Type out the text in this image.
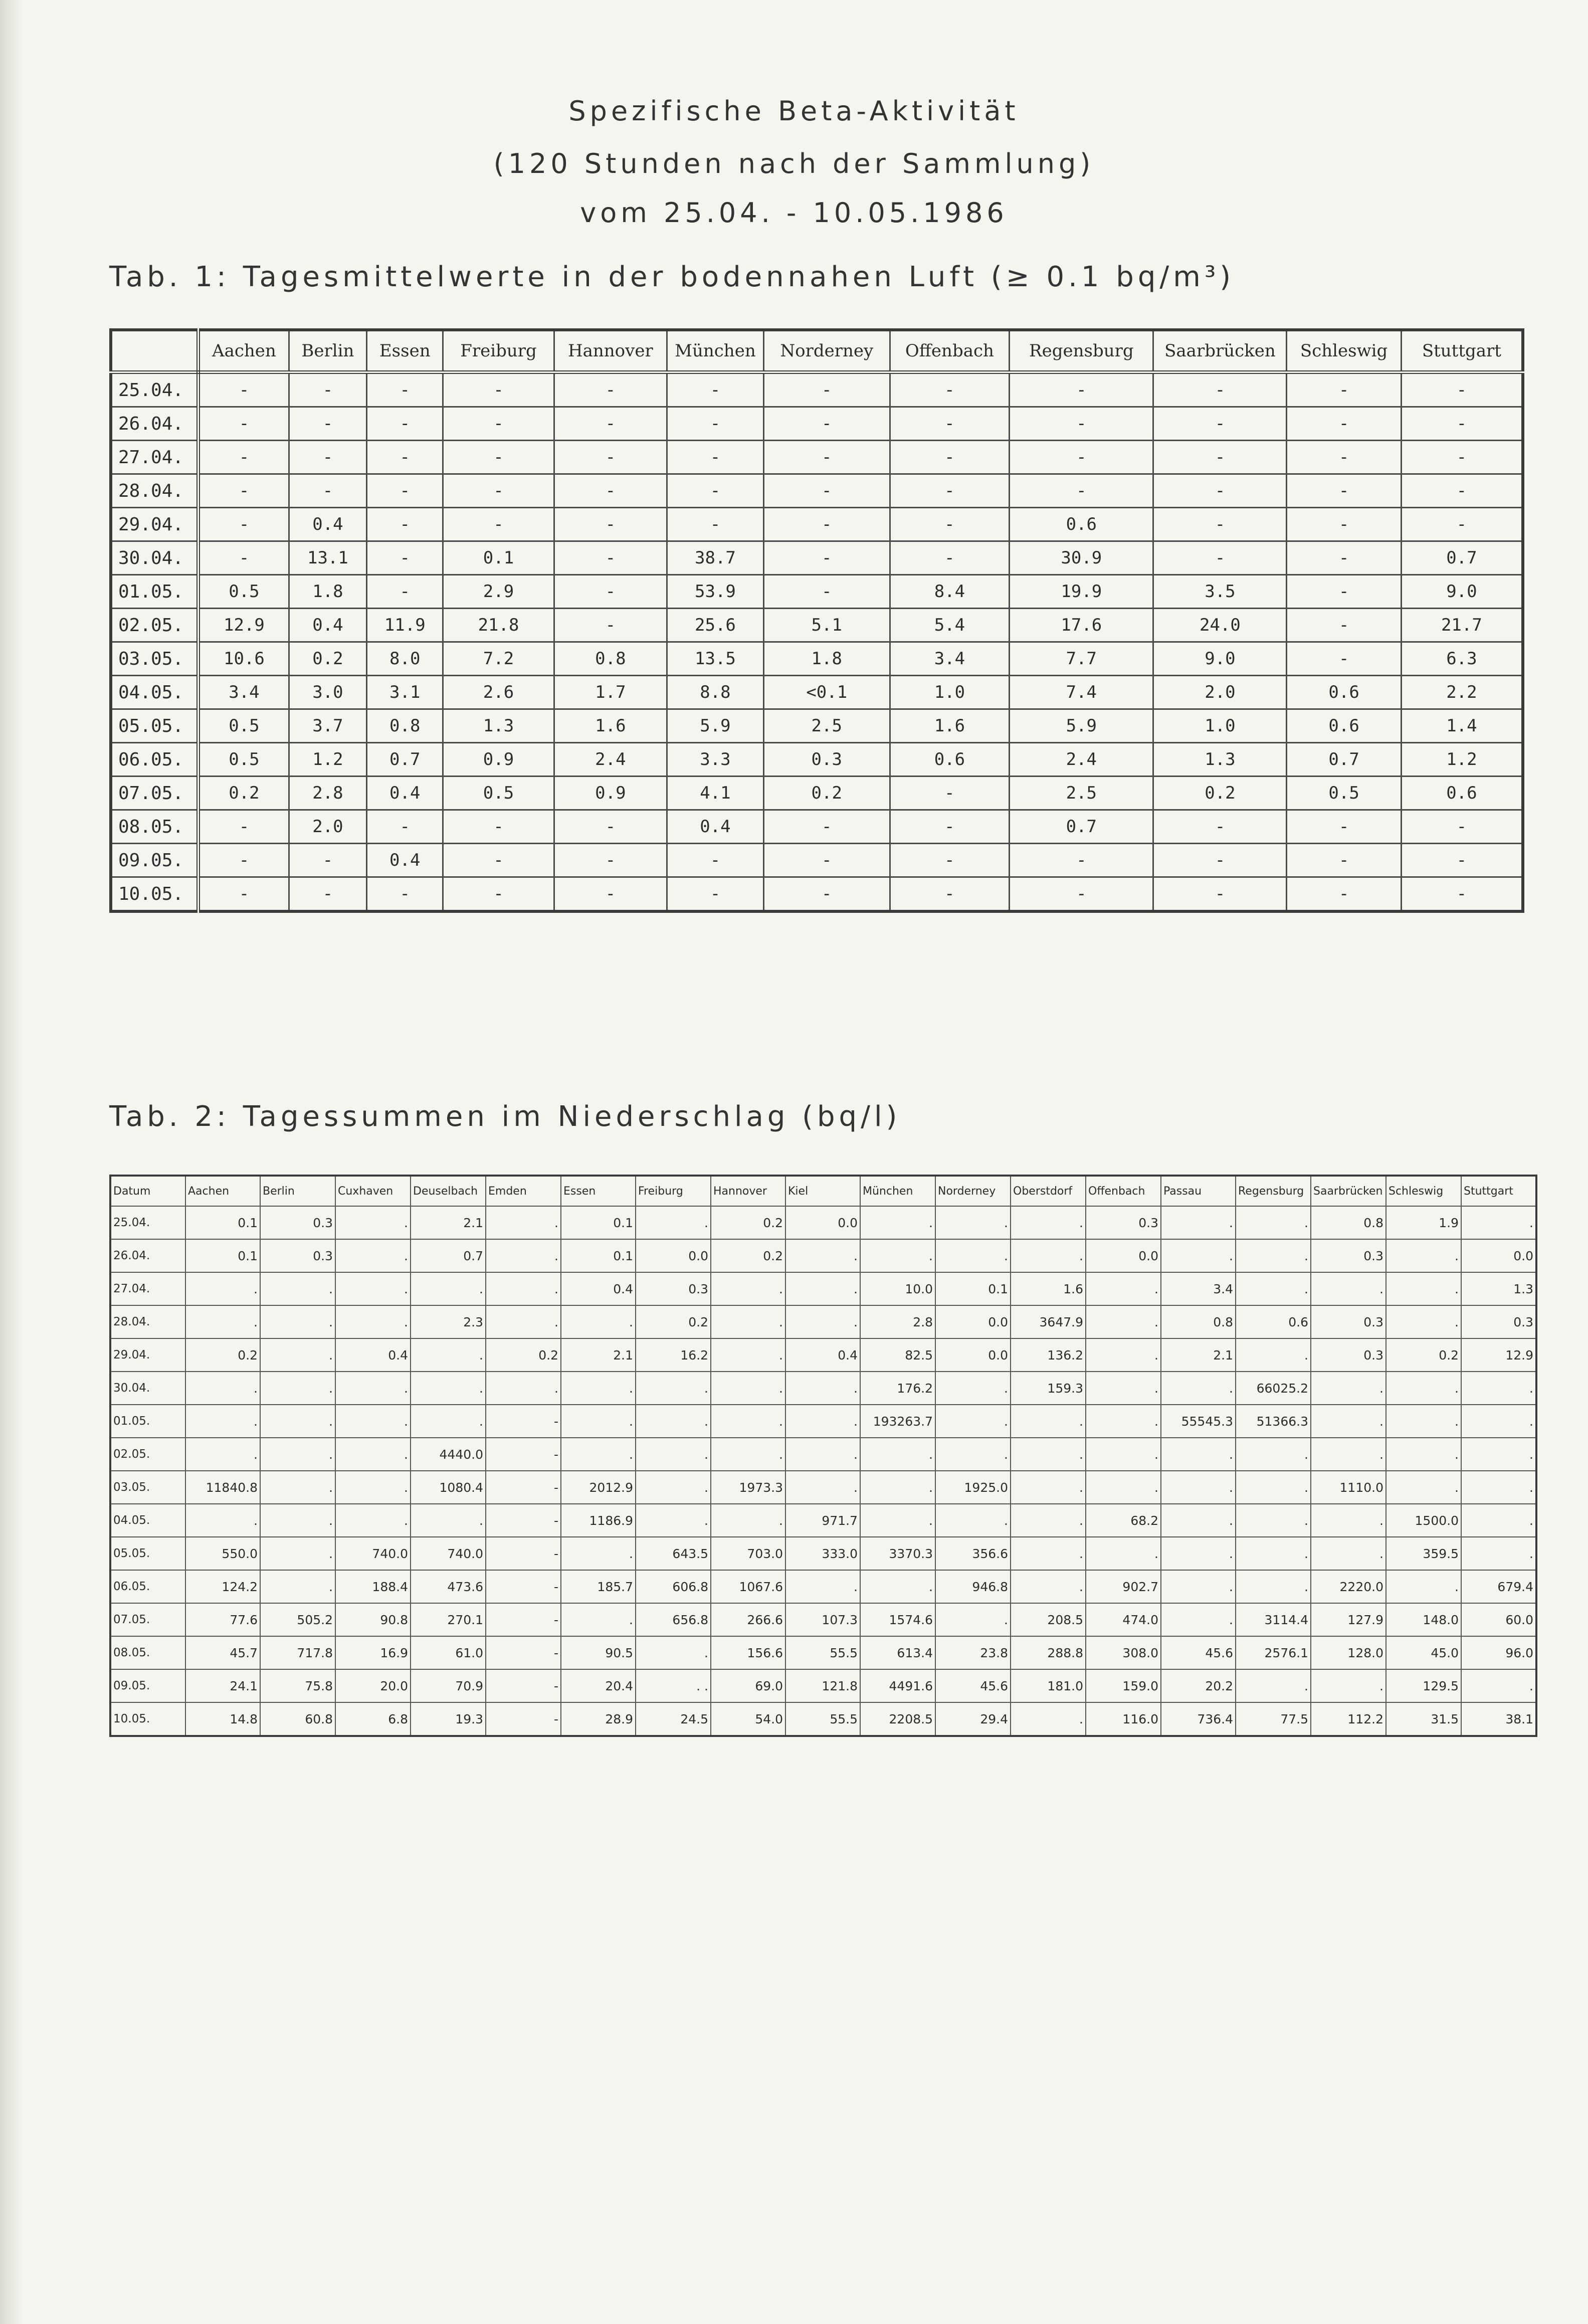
Spezifische Beta-Aktivität
(120 Stunden nach der Sammlung)
vom 25.04. - 10.05.1986
Tab. 1: Tagesmittelwerte in der bodennahen Luft (≥ 0.1 bq/m³)
	Aachen	Berlin	Essen	Freiburg	Hannover	München	Norderney	Offenbach	Regensburg	Saarbrücken	Schleswig	Stuttgart
25.04.	-	-	-	-	-	-	-	-	-	-	-	-
26.04.	-	-	-	-	-	-	-	-	-	-	-	-
27.04.	-	-	-	-	-	-	-	-	-	-	-	-
28.04.	-	-	-	-	-	-	-	-	-	-	-	-
29.04.	-	0.4	-	-	-	-	-	-	0.6	-	-	-
30.04.	-	13.1	-	0.1	-	38.7	-	-	30.9	-	-	0.7
01.05.	0.5	1.8	-	2.9	-	53.9	-	8.4	19.9	3.5	-	9.0
02.05.	12.9	0.4	11.9	21.8	-	25.6	5.1	5.4	17.6	24.0	-	21.7
03.05.	10.6	0.2	8.0	7.2	0.8	13.5	1.8	3.4	7.7	9.0	-	6.3
04.05.	3.4	3.0	3.1	2.6	1.7	8.8	<0.1	1.0	7.4	2.0	0.6	2.2
05.05.	0.5	3.7	0.8	1.3	1.6	5.9	2.5	1.6	5.9	1.0	0.6	1.4
06.05.	0.5	1.2	0.7	0.9	2.4	3.3	0.3	0.6	2.4	1.3	0.7	1.2
07.05.	0.2	2.8	0.4	0.5	0.9	4.1	0.2	-	2.5	0.2	0.5	0.6
08.05.	-	2.0	-	-	-	0.4	-	-	0.7	-	-	-
09.05.	-	-	0.4	-	-	-	-	-	-	-	-	-
10.05.	-	-	-	-	-	-	-	-	-	-	-	-
Tab. 2: Tagessummen im Niederschlag (bq/l)
Datum	Aachen	Berlin	Cuxhaven	Deuselbach	Emden	Essen	Freiburg	Hannover	Kiel	München	Norderney	Oberstdorf	Offenbach	Passau	Regensburg	Saarbrücken	Schleswig	Stuttgart
25.04.	0.1	0.3	.	2.1	.	0.1	.	0.2	0.0	.	.	.	0.3	.	.	0.8	1.9	.
26.04.	0.1	0.3	.	0.7	.	0.1	0.0	0.2	.	.	.	.	0.0	.	.	0.3	.	0.0
27.04.	.	.	.	.	.	0.4	0.3	.	.	10.0	0.1	1.6	.	3.4	.	.	.	1.3
28.04.	.	.	.	2.3	.	.	0.2	.	.	2.8	0.0	3647.9	.	0.8	0.6	0.3	.	0.3
29.04.	0.2	.	0.4	.	0.2	2.1	16.2	.	0.4	82.5	0.0	136.2	.	2.1	.	0.3	0.2	12.9
30.04.	.	.	.	.	.	.	.	.	.	176.2	.	159.3	.	.	66025.2	.	.	.
01.05.	.	.	.	.	-	.	.	.	.	193263.7	.	.	.	55545.3	51366.3	.	.	.
02.05.	.	.	.	4440.0	-	.	.	.	.	.	.	.	.	.	.	.	.	.
03.05.	11840.8	.	.	1080.4	-	2012.9	.	1973.3	.	.	1925.0	.	.	.	.	1110.0	.	.
04.05.	.	.	.	.	-	1186.9	.	.	971.7	.	.	.	68.2	.	.	.	1500.0	.
05.05.	550.0	.	740.0	740.0	-	.	643.5	703.0	333.0	3370.3	356.6	.	.	.	.	.	359.5	.
06.05.	124.2	.	188.4	473.6	-	185.7	606.8	1067.6	.	.	946.8	.	902.7	.	.	2220.0	.	679.4
07.05.	77.6	505.2	90.8	270.1	-	.	656.8	266.6	107.3	1574.6	.	208.5	474.0	.	3114.4	127.9	148.0	60.0
08.05.	45.7	717.8	16.9	61.0	-	90.5	.	156.6	55.5	613.4	23.8	288.8	308.0	45.6	2576.1	128.0	45.0	96.0
09.05.	24.1	75.8	20.0	70.9	-	20.4	. .	69.0	121.8	4491.6	45.6	181.0	159.0	20.2	.	.	129.5	.
10.05.	14.8	60.8	6.8	19.3	-	28.9	24.5	54.0	55.5	2208.5	29.4	.	116.0	736.4	77.5	112.2	31.5	38.1
